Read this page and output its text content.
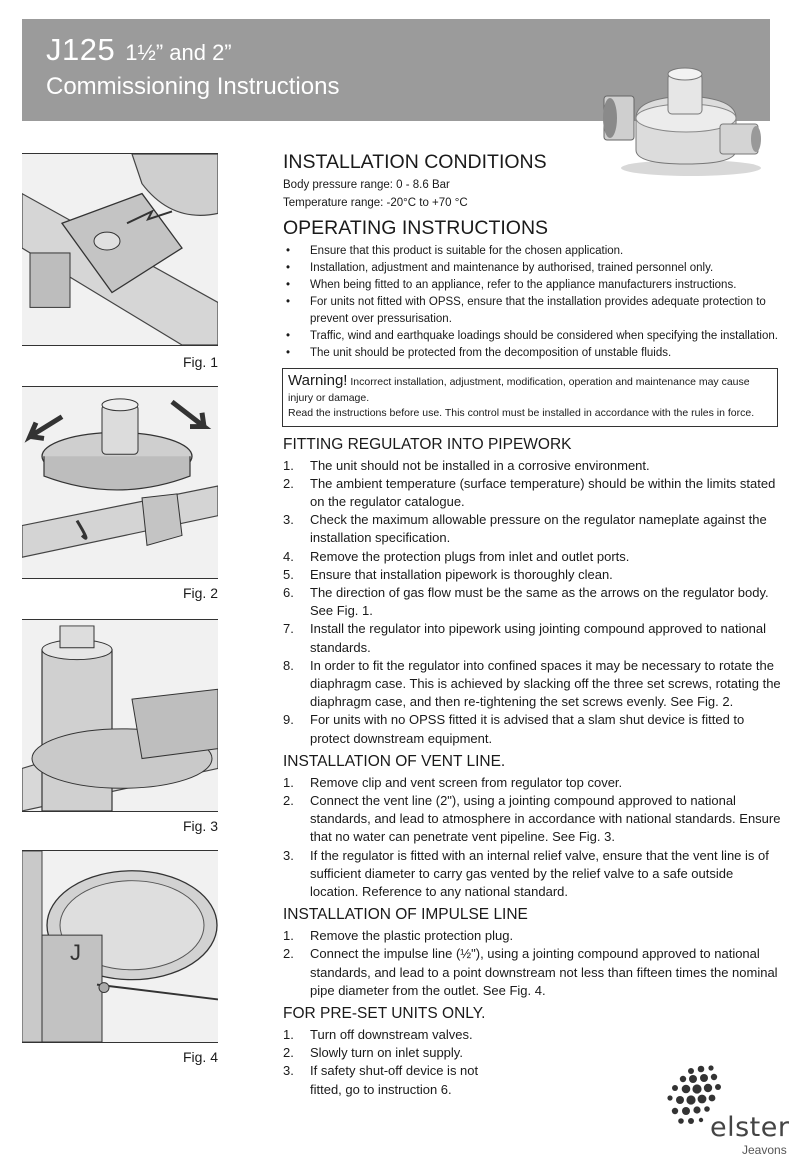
J125 1½” and 2”
Commissioning Instructions
Fig. 1
Fig. 2
Fig. 3
J
Fig. 4
INSTALLATION CONDITIONS
Body pressure range: 0 - 8.6 Bar
Temperature range: -20°C to +70 °C
OPERATING INSTRUCTIONS
• Ensure that this product is suitable for the chosen application.
• Installation, adjustment and maintenance by authorised, trained personnel only.
• When being fitted to an appliance, refer to the appliance manufacturers instructions.
• For units not fitted with OPSS, ensure that the installation provides adequate protection to prevent over pressurisation.
• Traffic, wind and earthquake loadings should be considered when specifying the installation.
• The unit should be protected from the decomposition of unstable fluids.
Warning! Incorrect installation, adjustment, modification, operation and maintenance may cause injury or damage.
Read the instructions before use. This control must be installed in accordance with the rules in force.
FITTING REGULATOR INTO PIPEWORK
1. The unit should not be installed in a corrosive environment.
2. The ambient temperature (surface temperature) should be within the limits stated on the regulator catalogue.
3. Check the maximum allowable pressure on the regulator nameplate against the installation specification.
4. Remove the protection plugs from inlet and outlet ports.
5. Ensure that installation pipework is thoroughly clean.
6. The direction of gas flow must be the same as the arrows on the regulator body. See Fig. 1.
7. Install the regulator into pipework using jointing compound approved to national standards.
8. In order to fit the regulator into confined spaces it may be necessary to rotate the diaphragm case. This is achieved by slacking off the three set screws, rotating the diaphragm case, and then re-tightening the set screws evenly. See Fig. 2.
9. For units with no OPSS fitted it is advised that a slam shut device is fitted to protect downstream equipment.
INSTALLATION OF VENT LINE.
1. Remove clip and vent screen from regulator top cover.
2. Connect the vent line (2"), using a jointing compound approved to national standards, and lead to atmosphere in accordance with national standards. Ensure that no water can penetrate vent pipeline. See Fig. 3.
3. If the regulator is fitted with an internal relief valve, ensure that the vent line is of sufficient diameter to carry gas vented by the relief valve to a safe outside location. Reference to any national standard.
INSTALLATION OF IMPULSE LINE
1. Remove the plastic protection plug.
2. Connect the impulse line (½"), using a jointing compound approved to national standards, and lead to a point downstream not less than fifteen times the nominal pipe diameter from the outlet. See Fig. 4.
FOR PRE-SET UNITS ONLY.
1. Turn off downstream valves.
2. Slowly turn on inlet supply.
3. If safety shut-off device is not fitted, go to instruction 6.
elster
Jeavons
